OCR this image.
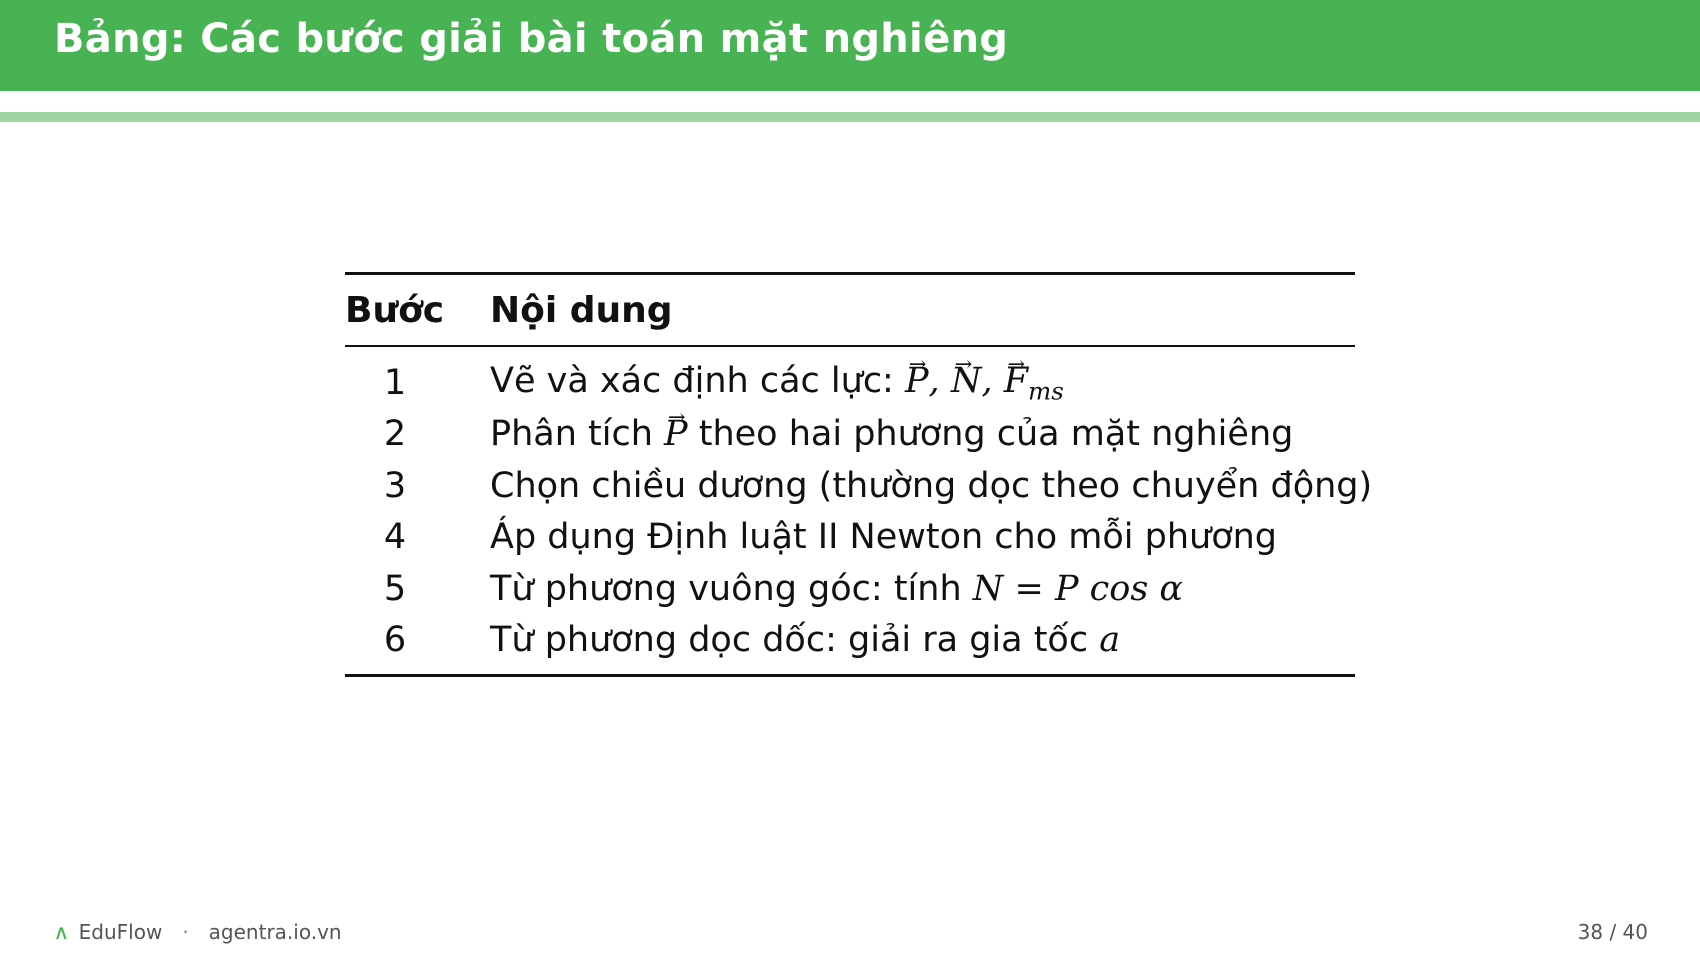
Bảng: Các bước giải bài toán mặt nghiêng
Bước	Nội dung
1	Vẽ và xác định các lực: → P, → N, → $F_{ms}$
2	Phân tích → P theo hai phương của mặt nghiêng
3	Chọn chiều dương (thường dọc theo chuyển động)
4	Áp dụng Định luật II Newton cho mỗi phương
5	Từ phương vuông góc: tính N = P cos α
6	Từ phương dọc dốc: giải ra gia tốc a
∧ EduFlow · agentra.io.vn	38 / 40
